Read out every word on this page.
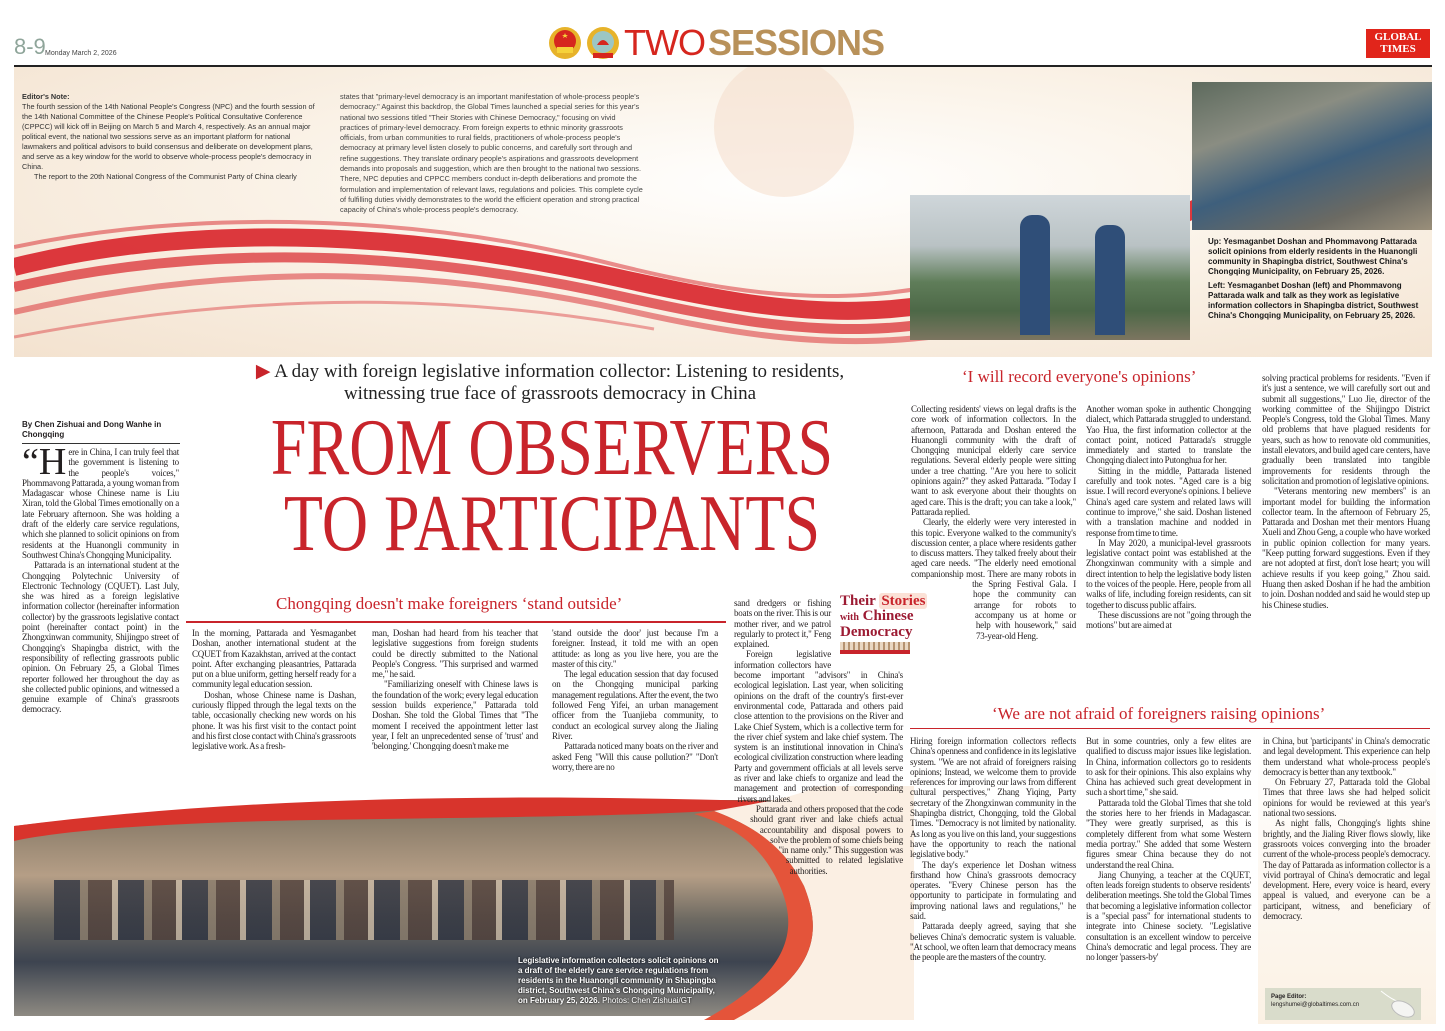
8-9 Monday March 2, 2026	TWO SESSIONS	GLOBAL
TIMES
Editor's Note:

The fourth session of the 14th National People's Congress (NPC) and the fourth session of the 14th National Committee of the Chinese People's Political Consultative Conference (CPPCC) will kick off in Beijing on March 5 and March 4, respectively. As an annual major political event, the national two sessions serve as an important platform for national lawmakers and political advisors to build consensus and deliberate on development plans, and serve as a key window for the world to observe whole-process people's democracy in China.

The report to the 20th National Congress of the Communist Party of China clearly

states that "primary-level democracy is an important manifestation of whole-process people's democracy." Against this backdrop, the Global Times launched a special series for this year's national two sessions titled "Their Stories with Chinese Democracy," focusing on vivid practices of primary-level democracy. From foreign experts to ethnic minority grassroots officials, from urban communities to rural fields, practitioners of whole-process people's democracy at primary level listen closely to public concerns, and carefully sort through and refine suggestions. They translate ordinary people's aspirations and grassroots development demands into proposals and suggestion, which are then brought to the national two sessions. There, NPC deputies and CPPCC members conduct in-depth deliberations and promote the formulation and implementation of relevant laws, regulations and policies. This complete cycle of fulfilling duties vividly demonstrates to the world the efficient operation and strong practical capacity of China's whole-process people's democracy.

Up: Yesmaganbet Doshan and Phommavong Pattarada solicit opinions from elderly residents in the Huanongli community in Shapingba district, Southwest China's Chongqing Municipality, on February 25, 2026.

Left: Yesmaganbet Doshan (left) and Phommavong Pattarada walk and talk as they work as legislative information collectors in Shapingba district, Southwest China's Chongqing Municipality, on February 25, 2026.

▶ A day with foreign legislative information collector: Listening to residents,
witnessing true face of grassroots democracy in China
FROM OBSERVERS
TO PARTICIPANTS
By Chen Zishuai and Dong Wanhe in Chongqing

“H ere in China, I can truly feel that the government is listening to the people's voices," Phommavong Pattarada, a young woman from Madagascar whose Chinese name is Liu Xiran, told the Global Times emotionally on a late February afternoon. She was holding a draft of the elderly care service regulations, which she planned to solicit opinions on from residents at the Huanongli community in Southwest China's Chongqing Municipality.

Pattarada is an international student at the Chongqing Polytechnic University of Electronic Technology (CQUET). Last July, she was hired as a foreign legislative information collector (hereinafter information collector) by the grassroots legislative contact point (hereinafter contact point) in the Zhongxinwan community, Shijingpo street of Chongqing's Shapingba district, with the responsibility of reflecting grassroots public opinion. On February 25, a Global Times reporter followed her throughout the day as she collected public opinions, and witnessed a genuine example of China's grassroots democracy.

Chongqing doesn't make foreigners ‘stand outside’

In the morning, Pattarada and Yesmaganbet Doshan, another international student at the CQUET from Kazakhstan, arrived at the contact point. After exchanging pleasantries, Pattarada put on a blue uniform, getting herself ready for a community legal education session.

Doshan, whose Chinese name is Dashan, curiously flipped through the legal texts on the table, occasionally checking new words on his phone. It was his first visit to the contact point and his first close contact with China's grassroots legislative work. As a fresh-

man, Doshan had heard from his teacher that legislative suggestions from foreign students could be directly submitted to the National People's Congress. "This surprised and warmed me," he said.

"Familiarizing oneself with Chinese laws is the foundation of the work; every legal education session builds experience," Pattarada told Doshan. She told the Global Times that "The moment I received the appointment letter last year, I felt an unprecedented sense of 'trust' and 'belonging.' Chongqing doesn't make me

'stand outside the door' just because I'm a foreigner. Instead, it told me with an open attitude: as long as you live here, you are the master of this city."

The legal education session that day focused on the Chongqing municipal parking management regulations. After the event, the two followed Feng Yifei, an urban management officer from the Tuanjieba community, to conduct an ecological survey along the Jialing River.

Pattarada noticed many boats on the river and asked Feng "Will this cause pollution?" "Don't worry, there are no

Legislative information collectors solicit opinions on a draft of the elderly care service regulations from residents in the Huanongli community in Shapingba district, Southwest China's Chongqing Municipality, on February 25, 2026. Photos: Chen Zishuai/GT

sand dredgers or fishing boats on the river. This is our mother river, and we patrol regularly to protect it," Feng explained.

Foreign legislative information collectors have become important "advisors" in China's ecological legislation. Last year, when soliciting opinions on the draft of the country's first-ever environmental code, Pattarada and others paid close attention to the provisions on the River and Lake Chief System, which is a collective term for the river chief system and lake chief system. The system is an institutional innovation in China's ecological civilization construction where leading Party and government officials at all levels serve as river and lake chiefs to organize and lead the management and protection of corresponding rivers and lakes.

Pattarada and others proposed that the code should grant river and lake chiefs actual accountability and disposal powers to solve the problem of some chiefs being "in name only." This suggestion was submitted to related legislative authorities.

Their Stories
with Chinese
Democracy
‘I will record everyone's opinions’

Collecting residents' views on legal drafts is the core work of information collectors. In the afternoon, Pattarada and Doshan entered the Huanongli community with the draft of Chongqing municipal elderly care service regulations. Several elderly people were sitting under a tree chatting. "Are you here to solicit opinions again?" they asked Pattarada. "Today I want to ask everyone about their thoughts on aged care. This is the draft; you can take a look," Pattarada replied.

Clearly, the elderly were very interested in this topic. Everyone walked to the community's discussion center, a place where residents gather to discuss matters. They talked freely about their aged care needs. "The elderly need emotional companionship most. There are many robots in the Spring Festival Gala. I hope the community can arrange for robots to accompany us at home or help with housework," said 73-year-old Heng.

Another woman spoke in authentic Chongqing dialect, which Pattarada struggled to understand. Yao Hua, the first information collector at the contact point, noticed Pattarada's struggle immediately and started to translate the Chongqing dialect into Putonghua for her.

Sitting in the middle, Pattarada listened carefully and took notes. "Aged care is a big issue. I will record everyone's opinions. I believe China's aged care system and related laws will continue to improve," she said. Doshan listened with a translation machine and nodded in response from time to time.

In May 2020, a municipal-level grassroots legislative contact point was established at the Zhongxinwan community with a simple and direct intention to help the legislative body listen to the voices of the people. Here, people from all walks of life, including foreign residents, can sit together to discuss public affairs.

These discussions are not "going through the motions" but are aimed at

solving practical problems for residents. "Even if it's just a sentence, we will carefully sort out and submit all suggestions," Luo Jie, director of the working committee of the Shijingpo District People's Congress, told the Global Times. Many old problems that have plagued residents for years, such as how to renovate old communities, install elevators, and build aged care centers, have gradually been translated into tangible improvements for residents through the solicitation and promotion of legislative opinions.

"Veterans mentoring new members" is an important model for building the information collector team. In the afternoon of February 25, Pattarada and Doshan met their mentors Huang Xueli and Zhou Geng, a couple who have worked in public opinion collection for many years. "Keep putting forward suggestions. Even if they are not adopted at first, don't lose heart; you will achieve results if you keep going," Zhou said. Huang then asked Doshan if he had the ambition to join. Doshan nodded and said he would step up his Chinese studies.

‘We are not afraid of foreigners raising opinions’

Hiring foreign information collectors reflects China's openness and confidence in its legislative system. "We are not afraid of foreigners raising opinions; Instead, we welcome them to provide references for improving our laws from different cultural perspectives," Zhang Yiqing, Party secretary of the Zhongxinwan community in the Shapingba district, Chongqing, told the Global Times. "Democracy is not limited by nationality. As long as you live on this land, your suggestions have the opportunity to reach the national legislative body."

The day's experience let Doshan witness firsthand how China's grassroots democracy operates. "Every Chinese person has the opportunity to participate in formulating and improving national laws and regulations," he said.

Pattarada deeply agreed, saying that she believes China's democratic system is valuable. "At school, we often learn that democracy means the people are the masters of the country.

But in some countries, only a few elites are qualified to discuss major issues like legislation. In China, information collectors go to residents to ask for their opinions. This also explains why China has achieved such great development in such a short time," she said.

Pattarada told the Global Times that she told the stories here to her friends in Madagascar. "They were greatly surprised, as this is completely different from what some Western media portray." She added that some Western figures smear China because they do not understand the real China.

Jiang Chunying, a teacher at the CQUET, often leads foreign students to observe residents' deliberation meetings. She told the Global Times that becoming a legislative information collector is a "special pass" for international students to integrate into Chinese society. "Legislative consultation is an excellent window to perceive China's democratic and legal process. They are no longer 'passers-by'

in China, but 'participants' in China's democratic and legal development. This experience can help them understand what whole-process people's democracy is better than any textbook."

On February 27, Pattarada told the Global Times that three laws she had helped solicit opinions for would be reviewed at this year's national two sessions.

As night falls, Chongqing's lights shine brightly, and the Jialing River flows slowly, like grassroots voices converging into the broader current of the whole-process people's democracy. The day of Pattarada as information collector is a vivid portrayal of China's democratic and legal development. Here, every voice is heard, every appeal is valued, and everyone can be a participant, witness, and beneficiary of democracy.

Page Editor:
lengshumei@globaltimes.com.cn
